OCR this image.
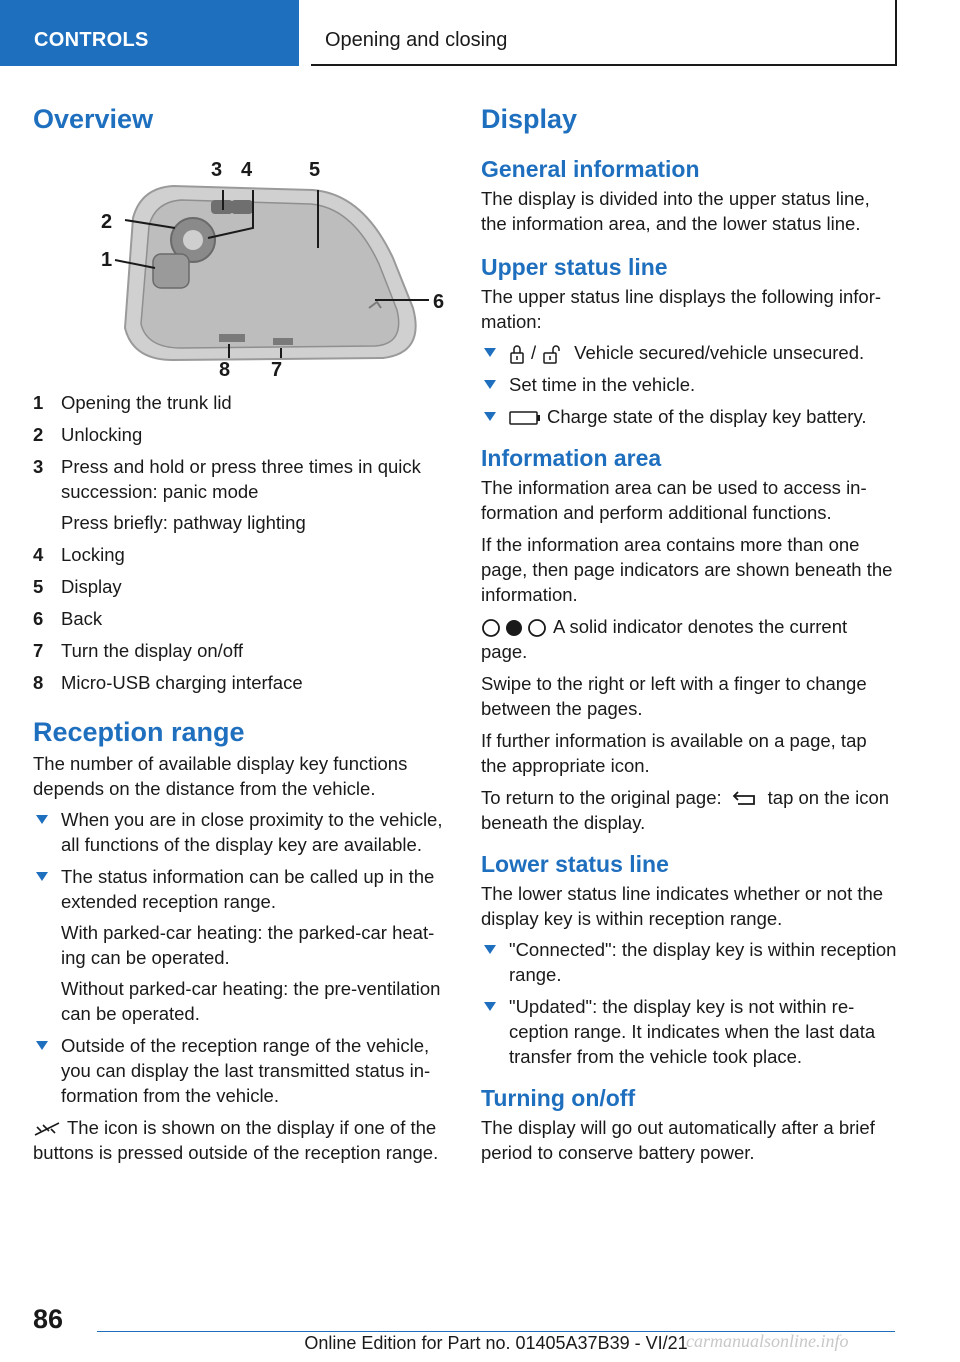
CONTROLS	Opening and closing
Overview
3 4	5
2
1
6
7
8
1 Opening the trunk lid
2 Unlocking
3 Press and hold or press three times in quick succession: panic mode
Press briefly: pathway lighting
4 Locking
5 Display
6 Back
7 Turn the display on/off
8 Micro-USB charging interface
Reception range

The number of available display key functions depends on the distance from the vehicle.

When you are in close proximity to the vehicle, all functions of the display key are available.
The status information can be called up in the extended reception range.
With parked-car heating: the parked-car heating can be operated.
Without parked-car heating: the pre-ventilation can be operated.
Outside of the reception range of the vehicle, you can display the last transmitted status information from the vehicle.

The icon is shown on the display if one of the buttons is pressed outside of the reception range.

Display
General information

The display is divided into the upper status line, the information area, and the lower status line.

Upper status line

The upper status line displays the following information:

/ Vehicle secured/vehicle unsecured.
Set time in the vehicle.
Charge state of the display key battery.
Information area

The information area can be used to access information and perform additional functions.

If the information area contains more than one page, then page indicators are shown beneath the information.

A solid indicator denotes the current page.

Swipe to the right or left with a finger to change between the pages.

If further information is available on a page, tap the appropriate icon.

To return to the original page: tap on the icon beneath the display.

Lower status line

The lower status line indicates whether or not the display key is within reception range.

"Connected": the display key is within reception range.
"Updated": the display key is not within reception range. It indicates when the last data transfer from the vehicle took place.
Turning on/off

The display will go out automatically after a brief period to conserve battery power.

86
Online Edition for Part no. 01405A37B39 - VI/21
carmanualsonline.info
